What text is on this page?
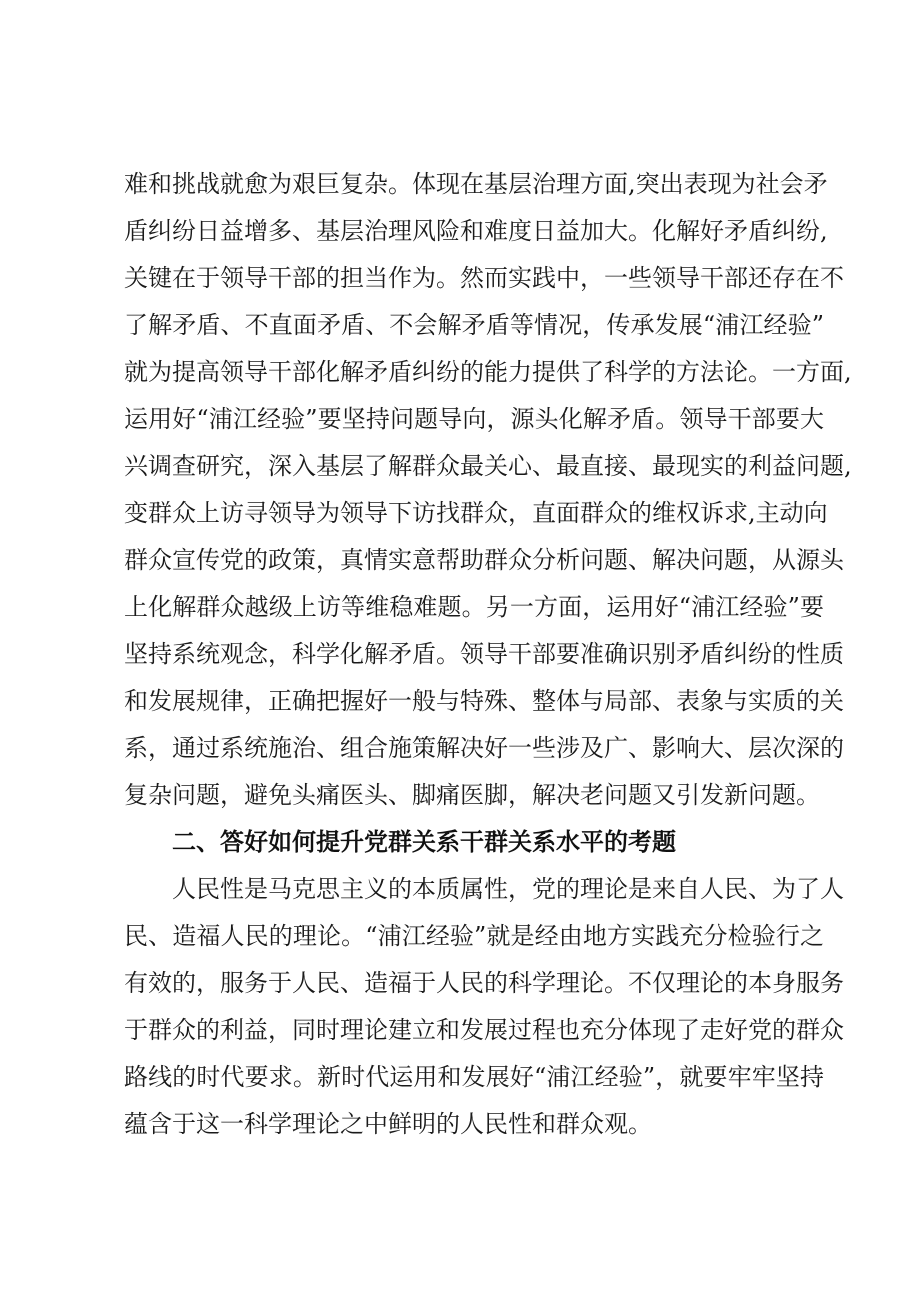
难和挑战就愈为艰巨复杂。体现在基层治理方面,突出表现为社会矛
盾纠纷日益增多、基层治理风险和难度日益加大。化解好矛盾纠纷,
关键在于领导干部的担当作为。然而实践中，一些领导干部还存在不
了解矛盾、不直面矛盾、不会解矛盾等情况，传承发展“浦江经验”
就为提高领导干部化解矛盾纠纷的能力提供了科学的方法论。一方面,
运用好“浦江经验”要坚持问题导向，源头化解矛盾。领导干部要大
兴调查研究，深入基层了解群众最关心、最直接、最现实的利益问题,
变群众上访寻领导为领导下访找群众，直面群众的维权诉求,主动向
群众宣传党的政策，真情实意帮助群众分析问题、解决问题，从源头
上化解群众越级上访等维稳难题。另一方面，运用好“浦江经验”要
坚持系统观念，科学化解矛盾。领导干部要准确识别矛盾纠纷的性质
和发展规律，正确把握好一般与特殊、整体与局部、表象与实质的关
系，通过系统施治、组合施策解决好一些涉及广、影响大、层次深的
复杂问题，避免头痛医头、脚痛医脚，解决老问题又引发新问题。
二、答好如何提升党群关系干群关系水平的考题
人民性是马克思主义的本质属性，党的理论是来自人民、为了人
民、造福人民的理论。“浦江经验”就是经由地方实践充分检验行之
有效的，服务于人民、造福于人民的科学理论。不仅理论的本身服务
于群众的利益，同时理论建立和发展过程也充分体现了走好党的群众
路线的时代要求。新时代运用和发展好“浦江经验”，就要牢牢坚持
蕴含于这一科学理论之中鲜明的人民性和群众观。
